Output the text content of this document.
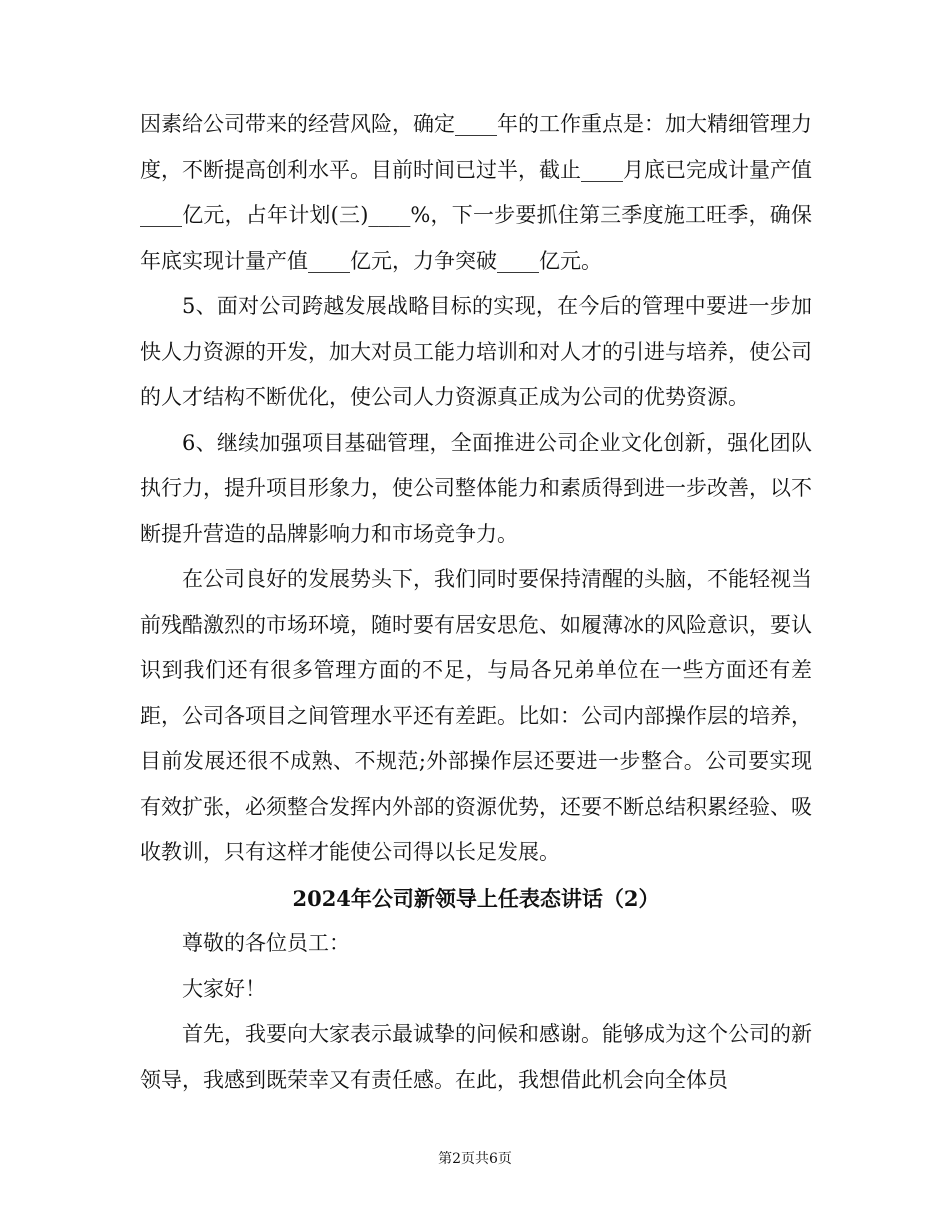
因素给公司带来的经营风险，确定____年的工作重点是：加大精细管理力度，不断提高创利水平。目前时间已过半，截止____月底已完成计量产值____亿元，占年计划(三)____%，下一步要抓住第三季度施工旺季，确保年底实现计量产值____亿元，力争突破____亿元。

5、面对公司跨越发展战略目标的实现，在今后的管理中要进一步加快人力资源的开发，加大对员工能力培训和对人才的引进与培养，使公司的人才结构不断优化，使公司人力资源真正成为公司的优势资源。

6、继续加强项目基础管理，全面推进公司企业文化创新，强化团队执行力，提升项目形象力，使公司整体能力和素质得到进一步改善，以不断提升营造的品牌影响力和市场竞争力。

在公司良好的发展势头下，我们同时要保持清醒的头脑，不能轻视当前残酷激烈的市场环境，随时要有居安思危、如履薄冰的风险意识，要认识到我们还有很多管理方面的不足，与局各兄弟单位在一些方面还有差距，公司各项目之间管理水平还有差距。比如：公司内部操作层的培养，目前发展还很不成熟、不规范;外部操作层还要进一步整合。公司要实现有效扩张，必须整合发挥内外部的资源优势，还要不断总结积累经验、吸收教训，只有这样才能使公司得以长足发展。

2024年公司新领导上任表态讲话（2）

尊敬的各位员工：

大家好！

首先，我要向大家表示最诚挚的问候和感谢。能够成为这个公司的新领导，我感到既荣幸又有责任感。在此，我想借此机会向全体员

第2页共6页
